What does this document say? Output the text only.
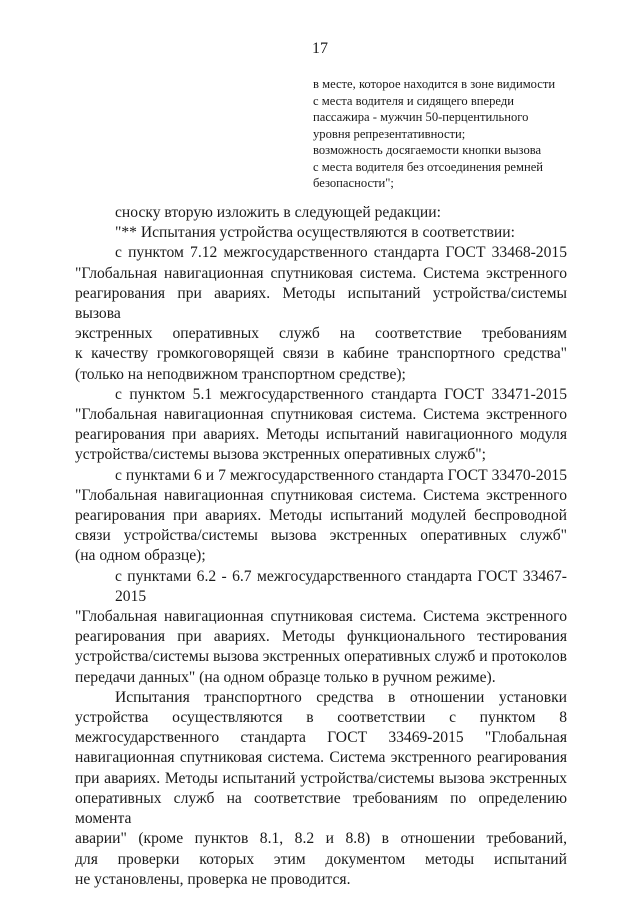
17
в месте, которое находится в зоне видимости
с места водителя и сидящего впереди
пассажира - мужчин 50-перцентильного
уровня репрезентативности;
возможность досягаемости кнопки вызова
с места водителя без отсоединения ремней
безопасности";
сноску вторую изложить в следующей редакции:
"** Испытания устройства осуществляются в соответствии:
с пунктом 7.12 межгосударственного стандарта ГОСТ 33468-2015
"Глобальная навигационная спутниковая система. Система экстренного
реагирования при авариях. Методы испытаний устройства/системы вызова
экстренных оперативных служб на соответствие требованиям
к качеству громкоговорящей связи в кабине транспортного средства"
(только на неподвижном транспортном средстве);
с пунктом 5.1 межгосударственного стандарта ГОСТ 33471-2015
"Глобальная навигационная спутниковая система. Система экстренного
реагирования при авариях. Методы испытаний навигационного модуля
устройства/системы вызова экстренных оперативных служб";
с пунктами 6 и 7 межгосударственного стандарта ГОСТ 33470-2015
"Глобальная навигационная спутниковая система. Система экстренного
реагирования при авариях. Методы испытаний модулей беспроводной
связи устройства/системы вызова экстренных оперативных служб"
(на одном образце);
с пунктами 6.2 - 6.7 межгосударственного стандарта ГОСТ 33467-2015
"Глобальная навигационная спутниковая система. Система экстренного
реагирования при авариях. Методы функционального тестирования
устройства/системы вызова экстренных оперативных служб и протоколов
передачи данных" (на одном образце только в ручном режиме).
Испытания транспортного средства в отношении установки
устройства осуществляются в соответствии с пунктом 8
межгосударственного стандарта ГОСТ 33469-2015 "Глобальная
навигационная спутниковая система. Система экстренного реагирования
при авариях. Методы испытаний устройства/системы вызова экстренных
оперативных служб на соответствие требованиям по определению момента
аварии" (кроме пунктов 8.1, 8.2 и 8.8) в отношении требований,
для проверки которых этим документом методы испытаний
не установлены, проверка не проводится.
